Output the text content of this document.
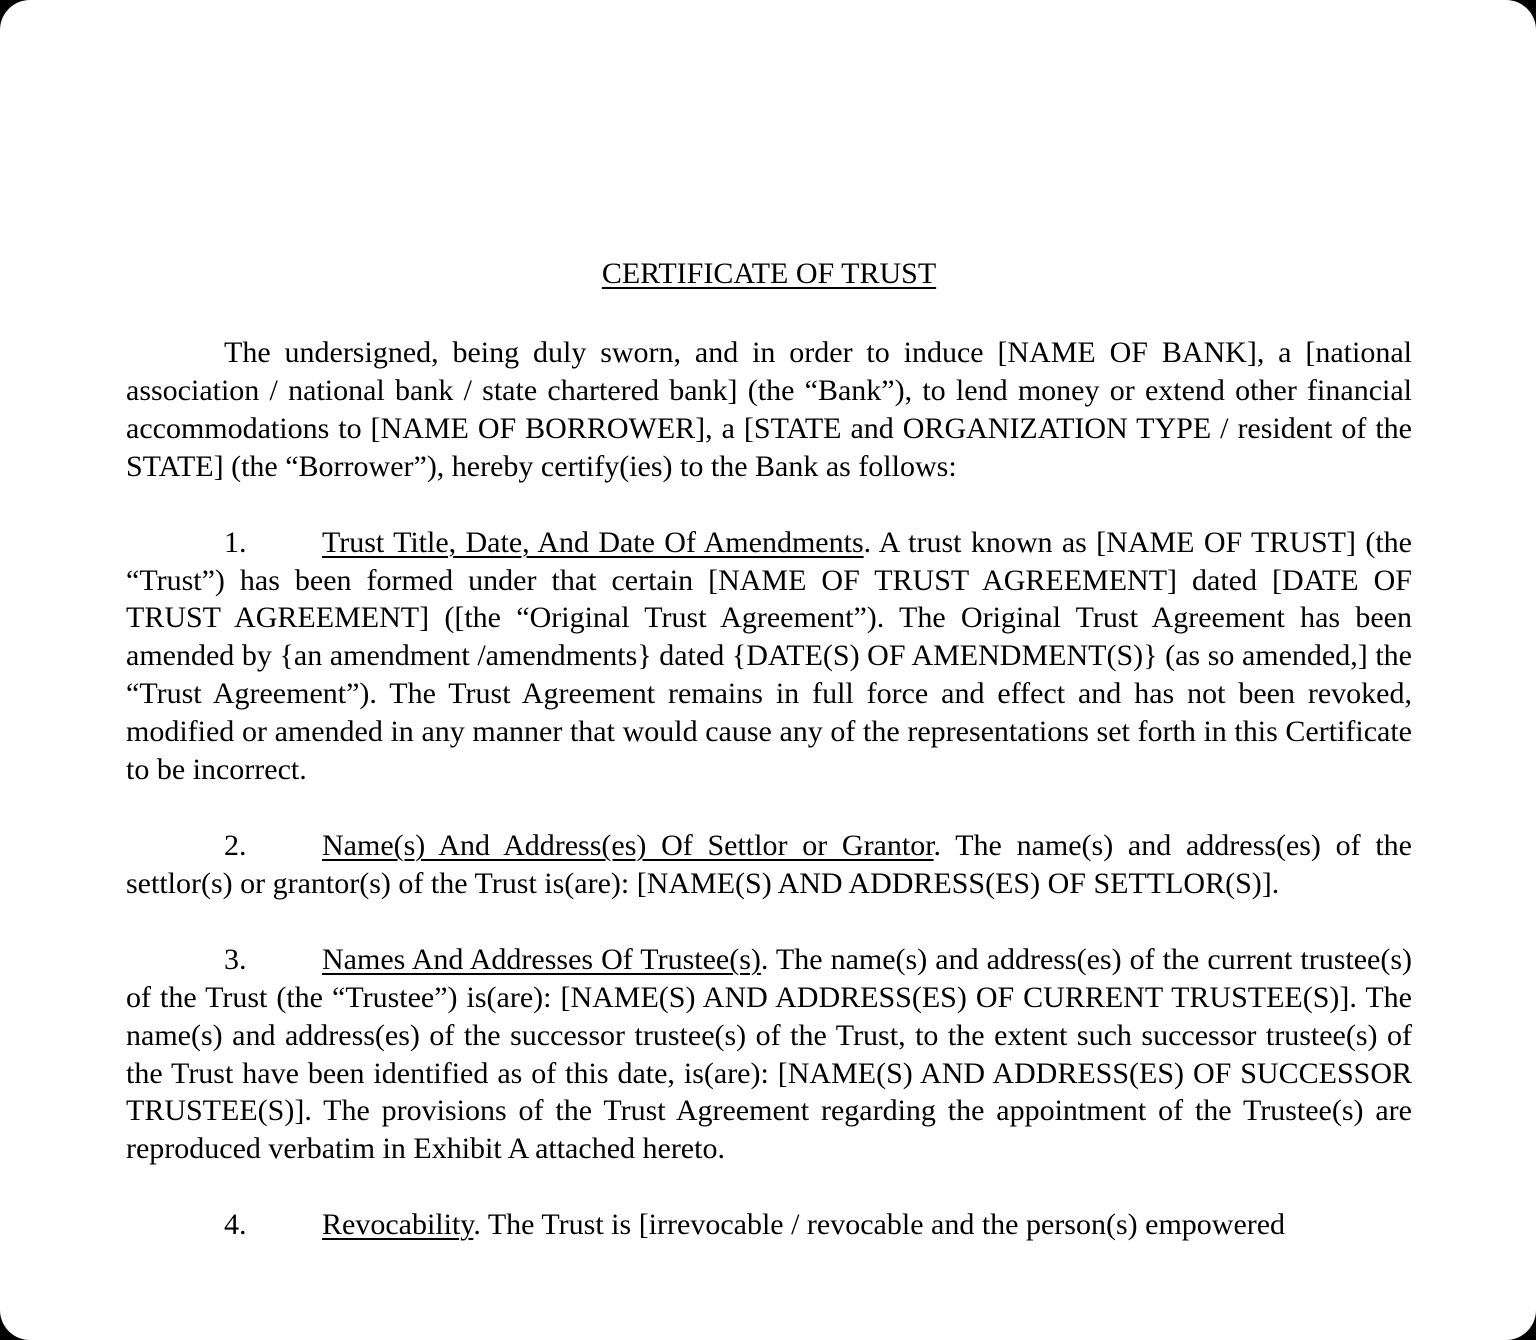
CERTIFICATE OF TRUST

The undersigned, being duly sworn, and in order to induce [NAME OF BANK], a [national association / national bank / state chartered bank] (the “Bank”), to lend money or extend other financial accommodations to [NAME OF BORROWER], a [STATE and ORGANIZATION TYPE / resident of the STATE] (the “Borrower”), hereby certify(ies) to the Bank as follows:

1.	Trust Title, Date, And Date Of Amendments. A trust known as [NAME OF TRUST] (the “Trust”) has been formed under that certain [NAME OF TRUST AGREEMENT] dated [DATE OF TRUST AGREEMENT] ([the “Original Trust Agreement”). The Original Trust Agreement has been amended by {an amendment /amendments} dated {DATE(S) OF AMENDMENT(S)} (as so amended,] the “Trust Agreement”). The Trust Agreement remains in full force and effect and has not been revoked, modified or amended in any manner that would cause any of the representations set forth in this Certificate to be incorrect.

2.	Name(s) And Address(es) Of Settlor or Grantor. The name(s) and address(es) of the settlor(s) or grantor(s) of the Trust is(are): [NAME(S) AND ADDRESS(ES) OF SETTLOR(S)].

3.	Names And Addresses Of Trustee(s). The name(s) and address(es) of the current trustee(s) of the Trust (the “Trustee”) is(are): [NAME(S) AND ADDRESS(ES) OF CURRENT TRUSTEE(S)]. The name(s) and address(es) of the successor trustee(s) of the Trust, to the extent such successor trustee(s) of the Trust have been identified as of this date, is(are): [NAME(S) AND ADDRESS(ES) OF SUCCESSOR TRUSTEE(S)]. The provisions of the Trust Agreement regarding the appointment of the Trustee(s) are reproduced verbatim in Exhibit A attached hereto.

4.	Revocability. The Trust is [irrevocable / revocable and the person(s) empowered
